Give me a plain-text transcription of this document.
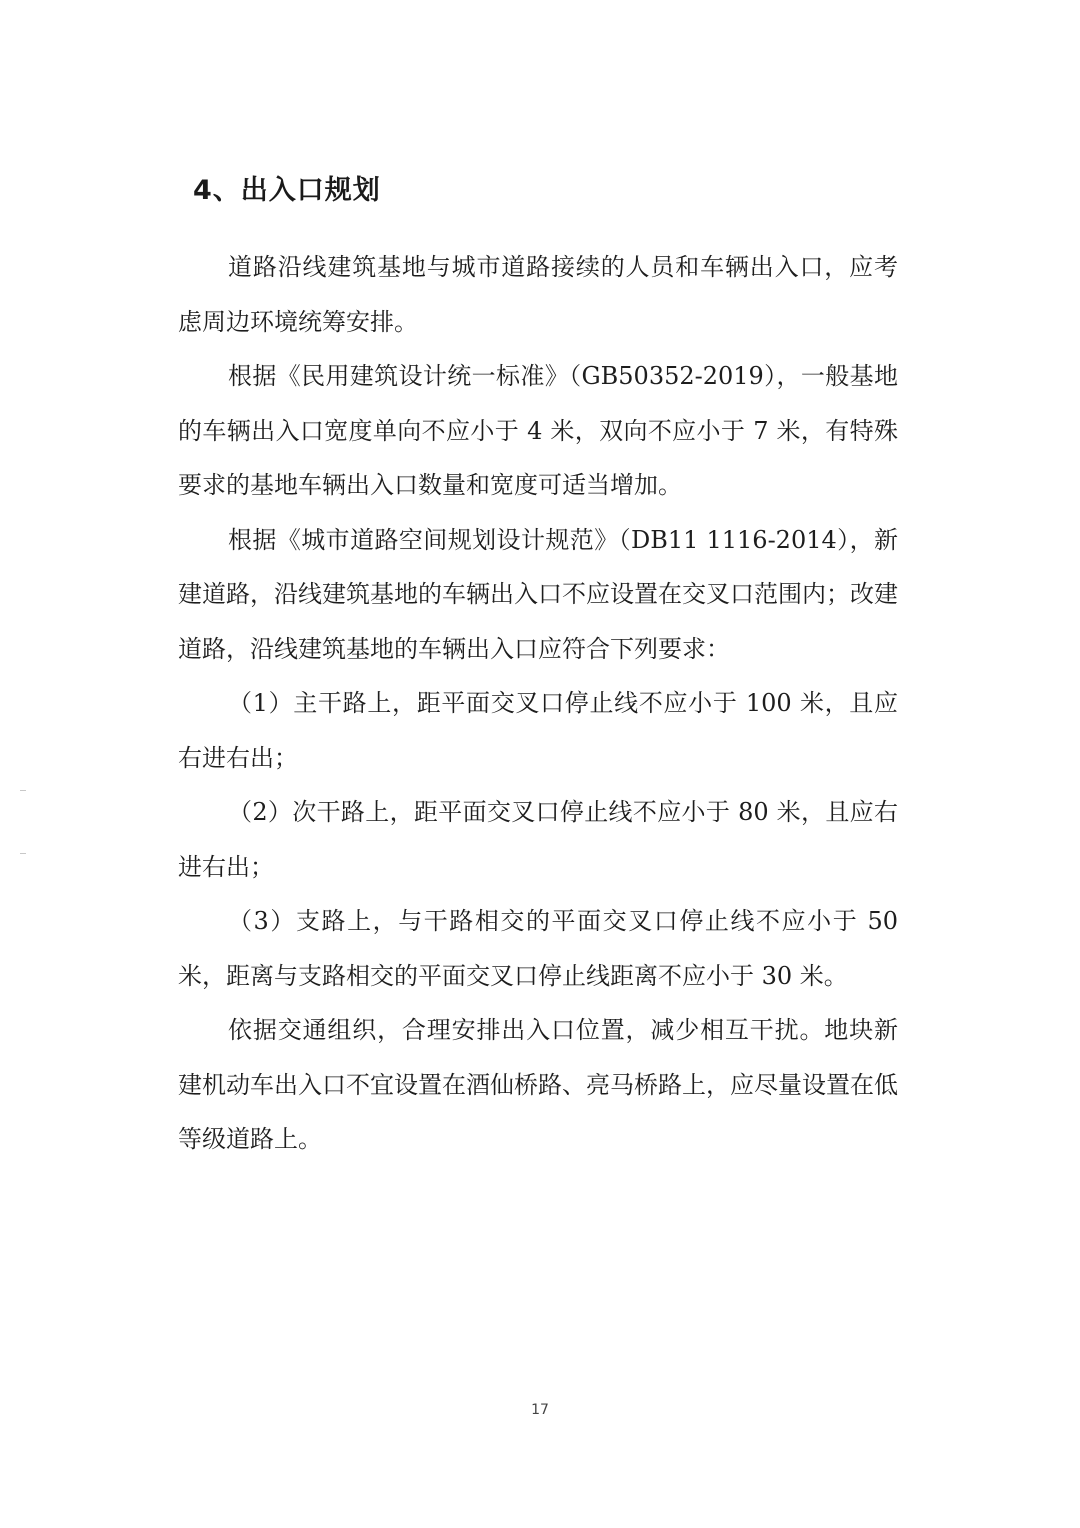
4、出入口规划

道路沿线建筑基地与城市道路接续的人员和车辆出入口，应考虑周边环境统筹安排。

根据《民用建筑设计统一标准》（GB50352-2019），一般基地的车辆出入口宽度单向不应小于 4 米，双向不应小于 7 米，有特殊要求的基地车辆出入口数量和宽度可适当增加。

根据《城市道路空间规划设计规范》（DB11 1116-2014），新建道路，沿线建筑基地的车辆出入口不应设置在交叉口范围内；改建道路，沿线建筑基地的车辆出入口应符合下列要求：

（1）主干路上，距平面交叉口停止线不应小于 100 米，且应右进右出；

（2）次干路上，距平面交叉口停止线不应小于 80 米，且应右进右出；

（3）支路上，与干路相交的平面交叉口停止线不应小于 50 米，距离与支路相交的平面交叉口停止线距离不应小于 30 米。

依据交通组织，合理安排出入口位置，减少相互干扰。地块新建机动车出入口不宜设置在酒仙桥路、亮马桥路上，应尽量设置在低等级道路上。

17
